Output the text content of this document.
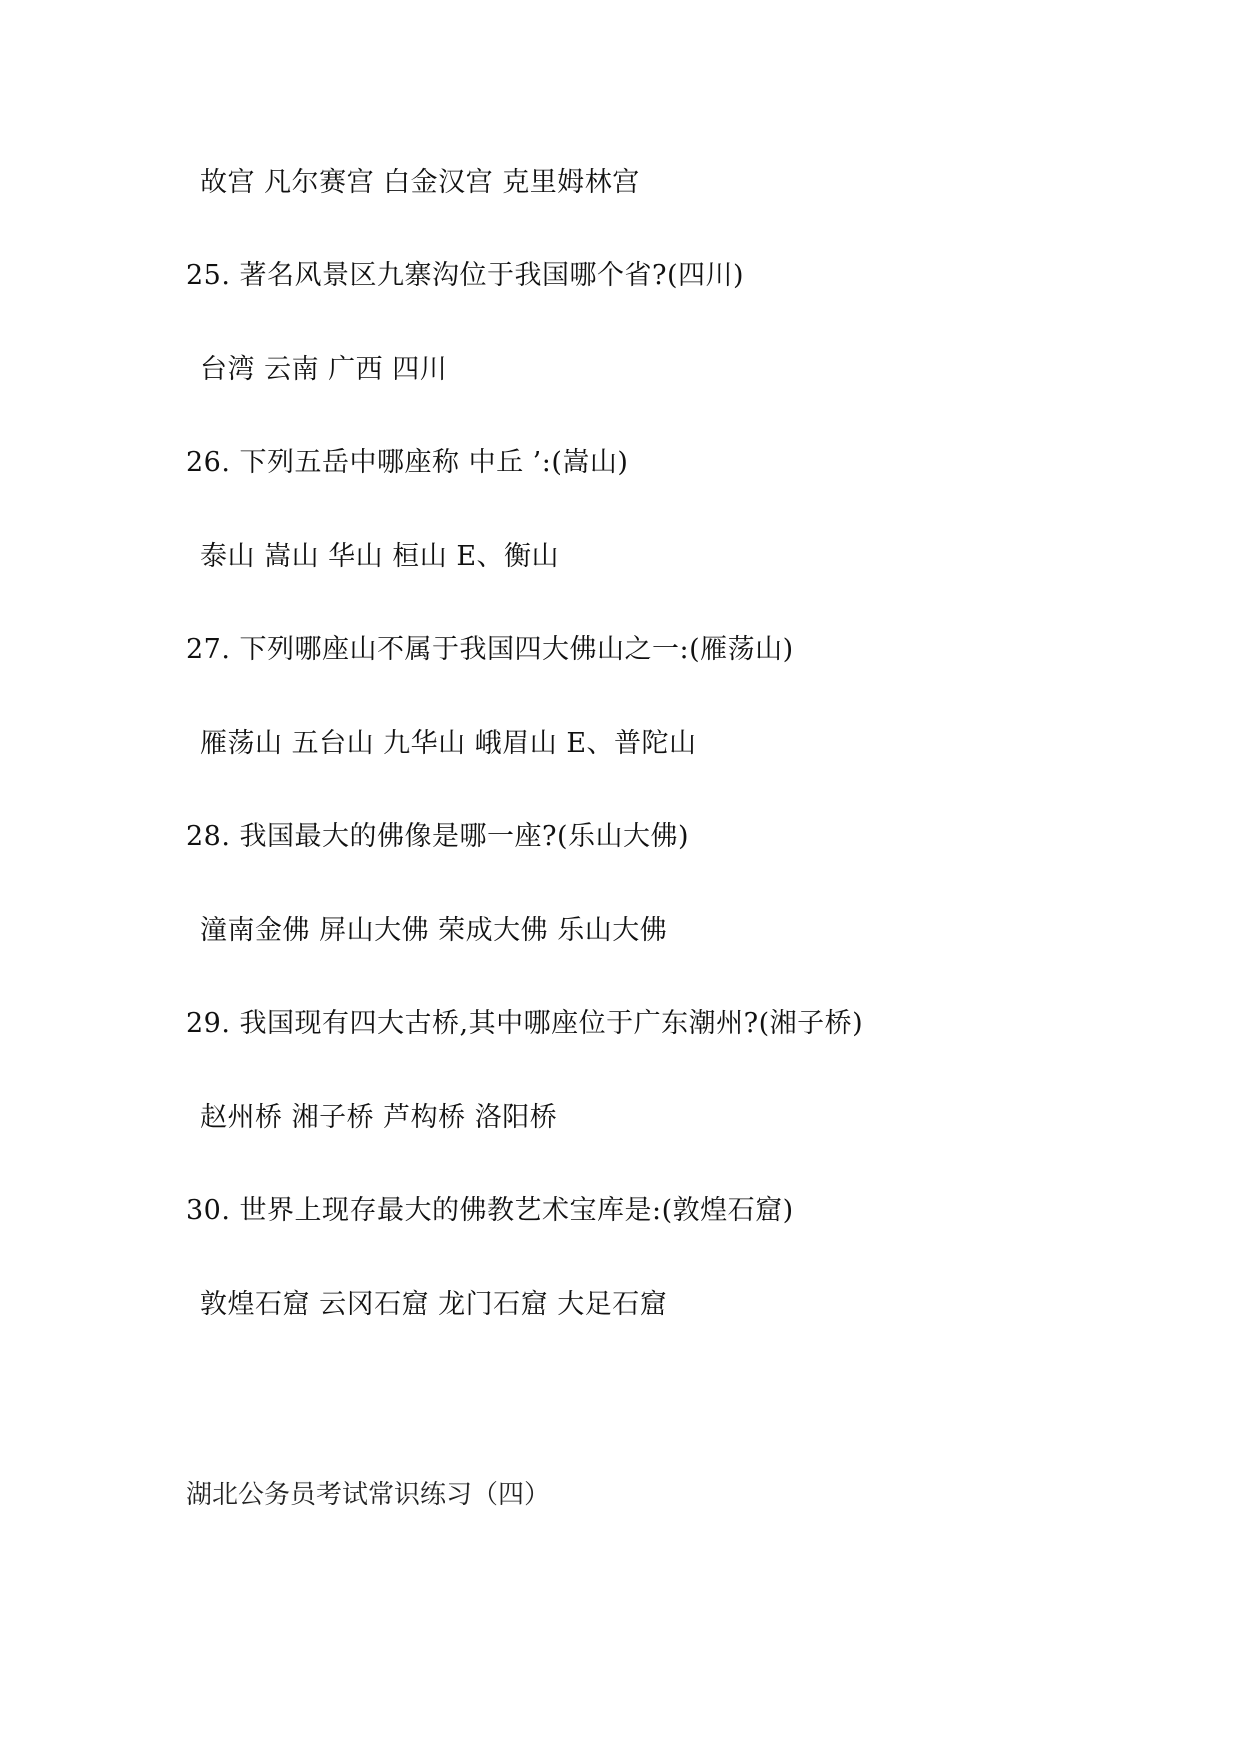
故宫 凡尔赛宫 白金汉宫 克里姆林宫
25. 著名风景区九寨沟位于我国哪个省?(四川)
台湾 云南 广西 四川
26. 下列五岳中哪座称 中丘 ’:(嵩山)
泰山 嵩山 华山 桓山 E、衡山
27. 下列哪座山不属于我国四大佛山之一:(雁荡山)
雁荡山 五台山 九华山 峨眉山 E、普陀山
28. 我国最大的佛像是哪一座?(乐山大佛)
潼南金佛 屏山大佛 荣成大佛 乐山大佛
29. 我国现有四大古桥,其中哪座位于广东潮州?(湘子桥)
赵州桥 湘子桥 芦构桥 洛阳桥
30. 世界上现存最大的佛教艺术宝库是:(敦煌石窟)
敦煌石窟 云冈石窟 龙门石窟 大足石窟
湖北公务员考试常识练习（四）
